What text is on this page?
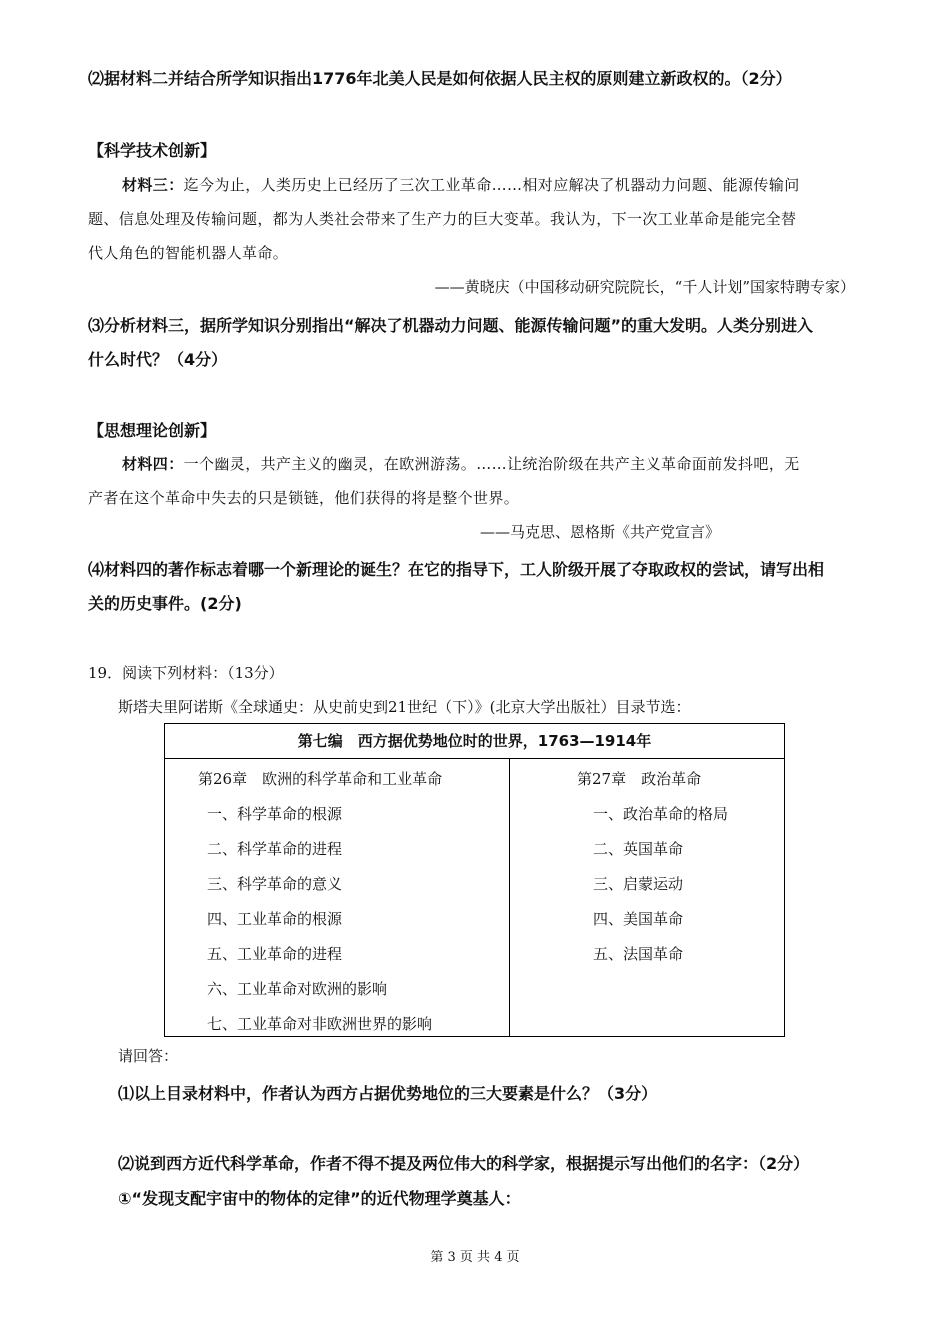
⑵据材料二并结合所学知识指出1776年北美人民是如何依据人民主权的原则建立新政权的。（2分）
【科学技术创新】
材料三：迄今为止，人类历史上已经历了三次工业革命……相对应解决了机器动力问题、能源传输问
题、信息处理及传输问题，都为人类社会带来了生产力的巨大变革。我认为，下一次工业革命是能完全替
代人角色的智能机器人革命。
——黄晓庆（中国移动研究院院长，“千人计划”国家特聘专家）
⑶分析材料三，据所学知识分别指出“解决了机器动力问题、能源传输问题”的重大发明。人类分别进入
什么时代？（4分）
【思想理论创新】
材料四：一个幽灵，共产主义的幽灵，在欧洲游荡。……让统治阶级在共产主义革命面前发抖吧，无
产者在这个革命中失去的只是锁链，他们获得的将是整个世界。
——马克思、恩格斯《共产党宣言》
⑷材料四的著作标志着哪一个新理论的诞生？在它的指导下，工人阶级开展了夺取政权的尝试，请写出相
关的历史事件。(2分)
19．阅读下列材料：（13分）
斯塔夫里阿诺斯《全球通史：从史前史到21世纪（下）》(北京大学出版社）目录节选：
第七编　西方据优势地位时的世界，1763—1914年
第26章　欧洲的科学革命和工业革命
一、科学革命的根源
二、科学革命的进程
三、科学革命的意义
四、工业革命的根源
五、工业革命的进程
六、工业革命对欧洲的影响
七、工业革命对非欧洲世界的影响
第27章　政治革命
一、政治革命的格局
二、英国革命
三、启蒙运动
四、美国革命
五、法国革命
请回答：
⑴以上目录材料中，作者认为西方占据优势地位的三大要素是什么？（3分）
⑵说到西方近代科学革命，作者不得不提及两位伟大的科学家，根据提示写出他们的名字：（2分）
①“发现支配宇宙中的物体的定律”的近代物理学奠基人：
第 3 页 共 4 页
